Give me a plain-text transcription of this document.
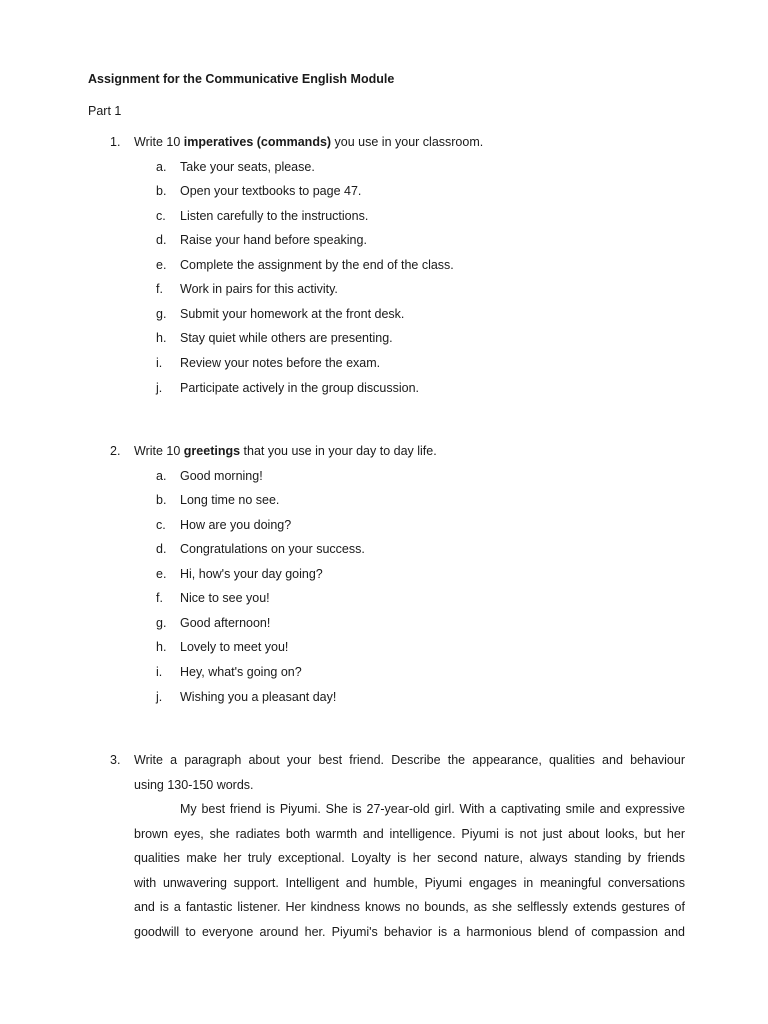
Assignment for the Communicative English Module
Part 1
1. Write 10 imperatives (commands) you use in your classroom.
a. Take your seats, please.
b. Open your textbooks to page 47.
c. Listen carefully to the instructions.
d. Raise your hand before speaking.
e. Complete the assignment by the end of the class.
f. Work in pairs for this activity.
g. Submit your homework at the front desk.
h. Stay quiet while others are presenting.
i. Review your notes before the exam.
j. Participate actively in the group discussion.
2. Write 10 greetings that you use in your day to day life.
a. Good morning!
b. Long time no see.
c. How are you doing?
d. Congratulations on your success.
e. Hi, how's your day going?
f. Nice to see you!
g. Good afternoon!
h. Lovely to meet you!
i. Hey, what's going on?
j. Wishing you a pleasant day!
3. Write a paragraph about your best friend. Describe the appearance, qualities and behaviour
using 130-150 words.
My best friend is Piyumi. She is 27-year-old girl. With a captivating smile and expressive
brown eyes, she radiates both warmth and intelligence. Piyumi is not just about looks, but her
qualities make her truly exceptional. Loyalty is her second nature, always standing by friends
with unwavering support. Intelligent and humble, Piyumi engages in meaningful conversations
and is a fantastic listener. Her kindness knows no bounds, as she selflessly extends gestures of
goodwill to everyone around her. Piyumi's behavior is a harmonious blend of compassion and
